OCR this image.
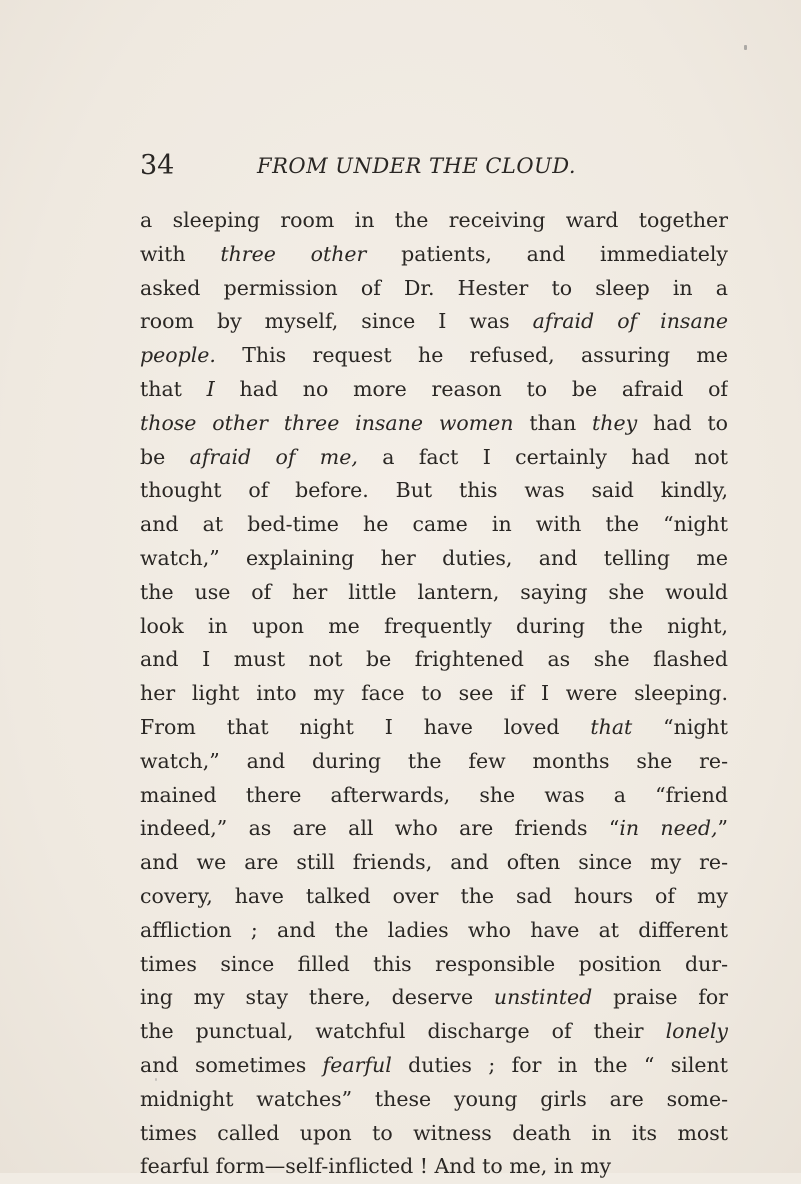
34	FROM UNDER THE CLOUD.
a sleeping room in the receiving ward together
with three other patients, and immediately
asked permission of Dr. Hester to sleep in a
room by myself, since I was afraid of insane
people. This request he refused, assuring me
that I had no more reason to be afraid of
those other three insane women than they had to
be afraid of me, a fact I certainly had not
thought of before. But this was said kindly,
and at bed-time he came in with the “night
watch,” explaining her duties, and telling me
the use of her little lantern, saying she would
look in upon me frequently during the night,
and I must not be frightened as she flashed
her light into my face to see if I were sleeping.
From that night I have loved that “night
watch,” and during the few months she re-
mained there afterwards, she was a “friend
indeed,” as are all who are friends “in need,”
and we are still friends, and often since my re-
covery, have talked over the sad hours of my
affliction ; and the ladies who have at different
times since filled this responsible position dur-
ing my stay there, deserve unstinted praise for
the punctual, watchful discharge of their lonely
and sometimes fearful duties ; for in the “ silent
midnight watches” these young girls are some-
times called upon to witness death in its most
fearful form—self-inflicted ! And to me, in my
